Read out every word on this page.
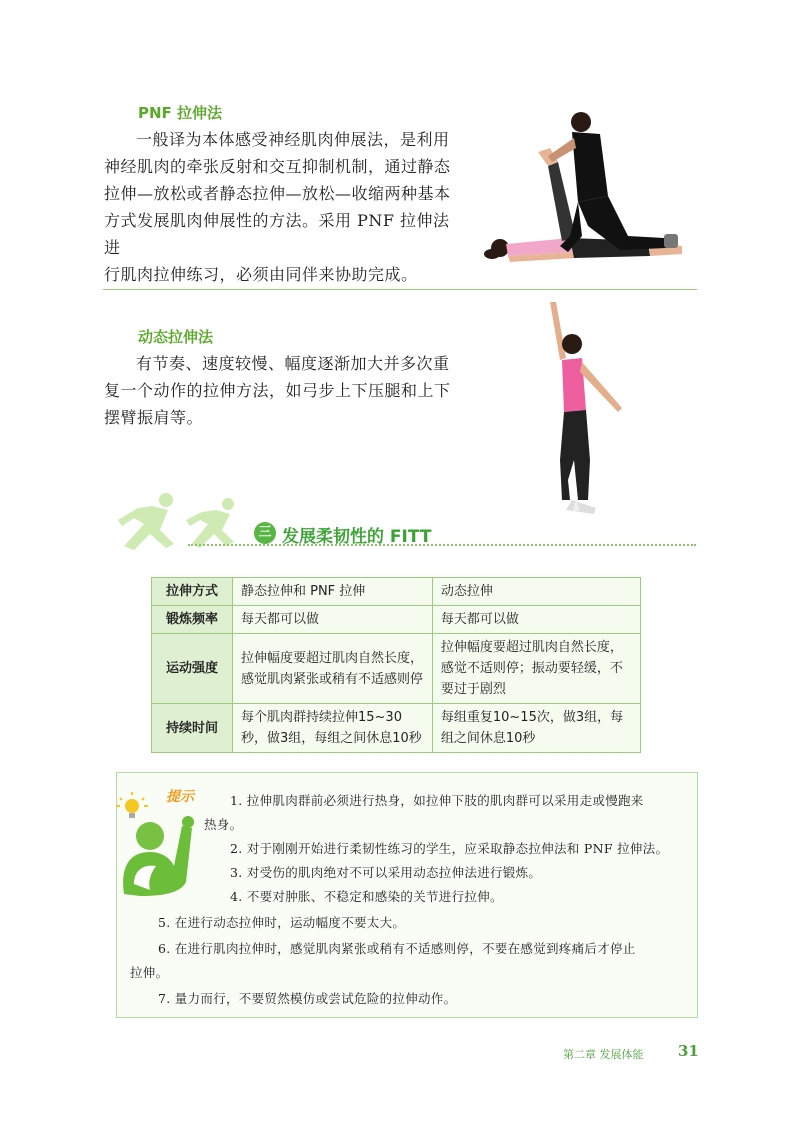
PNF 拉伸法
一般译为本体感受神经肌肉伸展法，是利用
神经肌肉的牵张反射和交互抑制机制，通过静态
拉伸—放松或者静态拉伸—放松—收缩两种基本
方式发展肌肉伸展性的方法。采用 PNF 拉伸法进
行肌肉拉伸练习，必须由同伴来协助完成。
动态拉伸法
有节奏、速度较慢、幅度逐渐加大并多次重
复一个动作的拉伸方法，如弓步上下压腿和上下
摆臂振肩等。
三 发展柔韧性的 FITT
拉伸方式	静态拉伸和 PNF 拉伸	动态拉伸
锻炼频率	每天都可以做	每天都可以做
运动强度	拉伸幅度要超过肌肉自然长度，感觉肌肉紧张或稍有不适感则停	拉伸幅度要超过肌肉自然长度，感觉不适则停；振动要轻缓，不要过于剧烈
持续时间	每个肌肉群持续拉伸15~30秒，做3组，每组之间休息10秒	每组重复10~15次，做3组，每组之间休息10秒
提示	1. 拉伸肌肉群前必须进行热身，如拉伸下肢的肌肉群可以采用走或慢跑来
热身。
2. 对于刚刚开始进行柔韧性练习的学生，应采取静态拉伸法和 PNF 拉伸法。
3. 对受伤的肌肉绝对不可以采用动态拉伸法进行锻炼。
4. 不要对肿胀、不稳定和感染的关节进行拉伸。
5. 在进行动态拉伸时，运动幅度不要太大。
6. 在进行肌肉拉伸时，感觉肌肉紧张或稍有不适感则停，不要在感觉到疼痛后才停止
拉伸。
7. 量力而行，不要贸然模仿或尝试危险的拉伸动作。
第二章 发展体能 31
